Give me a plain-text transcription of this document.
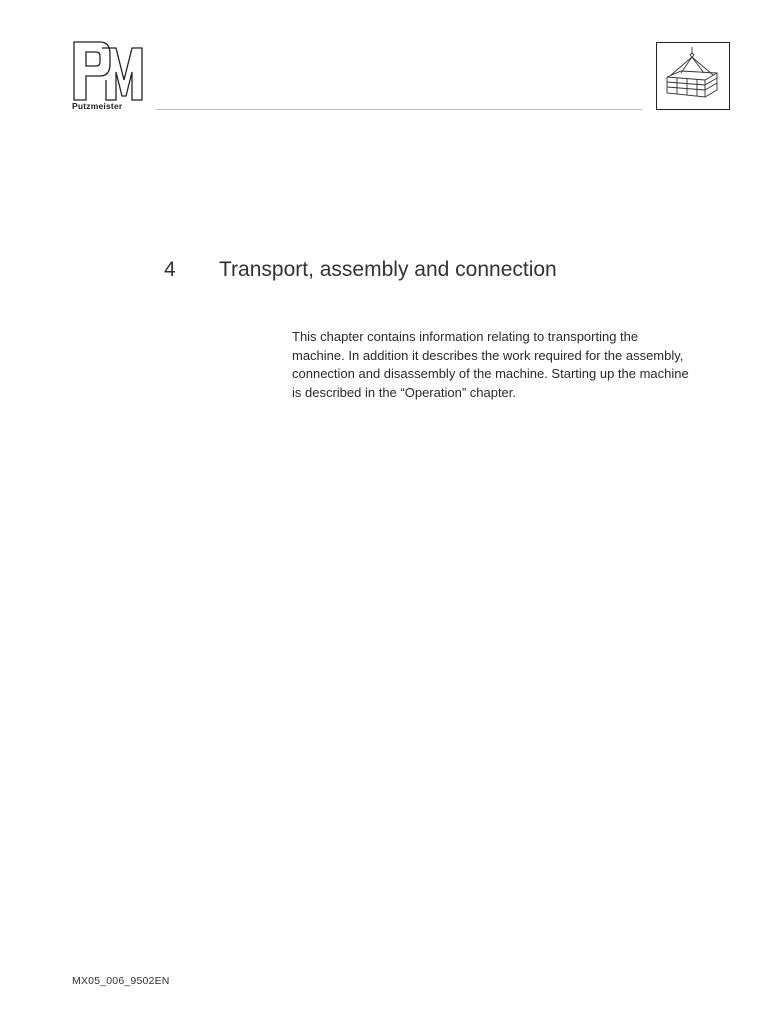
Putzmeister
4 Transport, assembly and connection

This chapter contains information relating to transporting the machine. In addition it describes the work required for the assembly, connection and disassembly of the machine. Starting up the machine is described in the “Operation” chapter.

MX05_006_9502EN
